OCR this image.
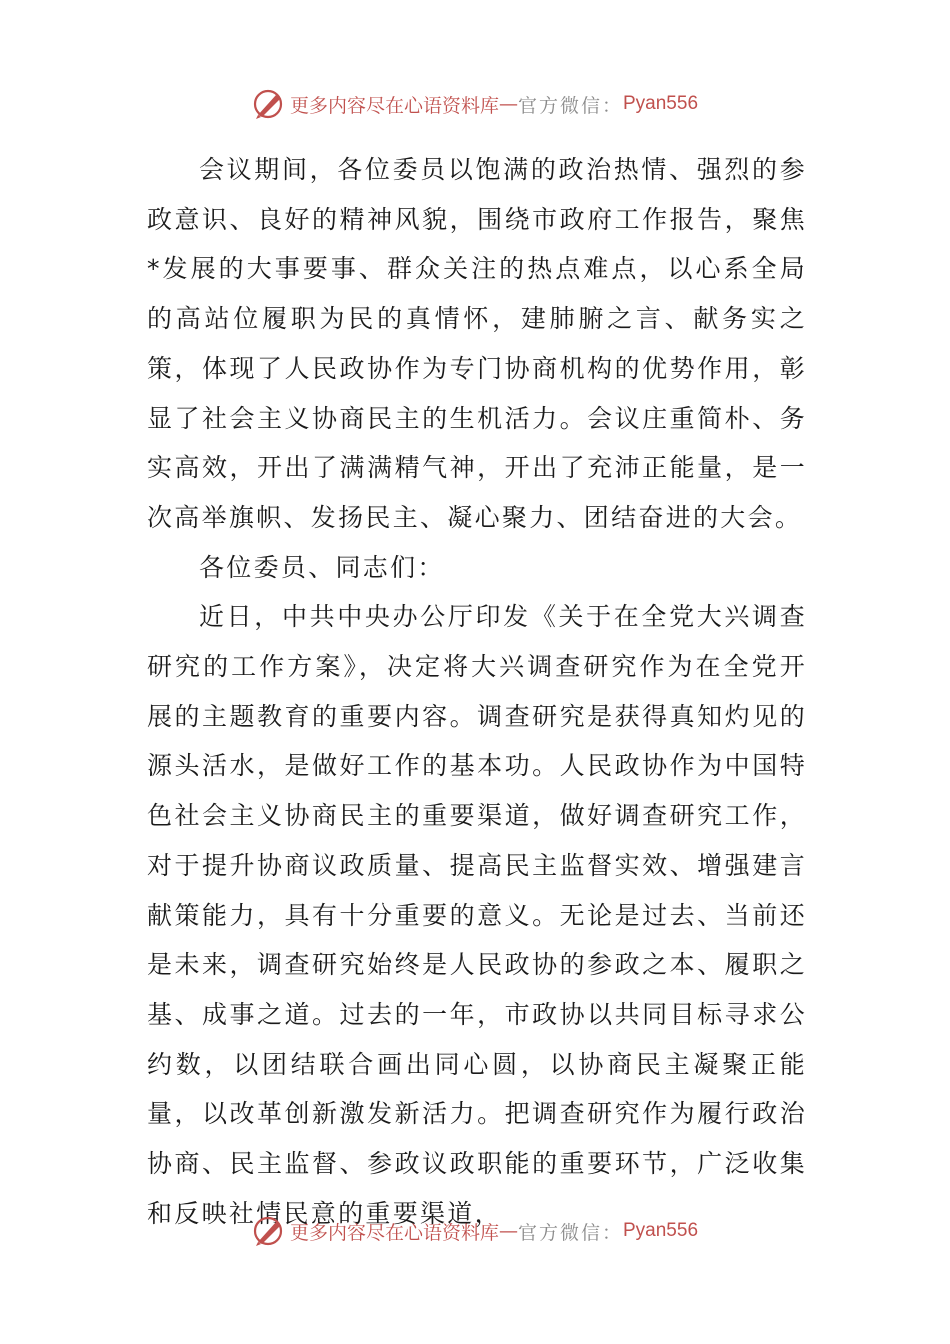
更多内容尽在心语资料库 — 官方微信： Pyan556

会议期间，各位委员以饱满的政治热情、强烈的参政意识、良好的精神风貌，围绕市政府工作报告，聚焦*发展的大事要事、群众关注的热点难点，以心系全局的高站位履职为民的真情怀，建肺腑之言、献务实之策，体现了人民政协作为专门协商机构的优势作用，彰显了社会主义协商民主的生机活力。会议庄重简朴、务实高效，开出了满满精气神，开出了充沛正能量，是一次高举旗帜、发扬民主、凝心聚力、团结奋进的大会。

各位委员、同志们：

近日，中共中央办公厅印发《关于在全党大兴调查研究的工作方案》，决定将大兴调查研究作为在全党开展的主题教育的重要内容。调查研究是获得真知灼见的源头活水，是做好工作的基本功。人民政协作为中国特色社会主义协商民主的重要渠道，做好调查研究工作，对于提升协商议政质量、提高民主监督实效、增强建言献策能力，具有十分重要的意义。无论是过去、当前还是未来，调查研究始终是人民政协的参政之本、履职之基、成事之道。过去的一年，市政协以共同目标寻求公约数，以团结联合画出同心圆，以协商民主凝聚正能量，以改革创新激发新活力。把调查研究作为履行政治协商、民主监督、参政议政职能的重要环节，广泛收集和反映社情民意的重要渠道，

更多内容尽在心语资料库 — 官方微信： Pyan556
